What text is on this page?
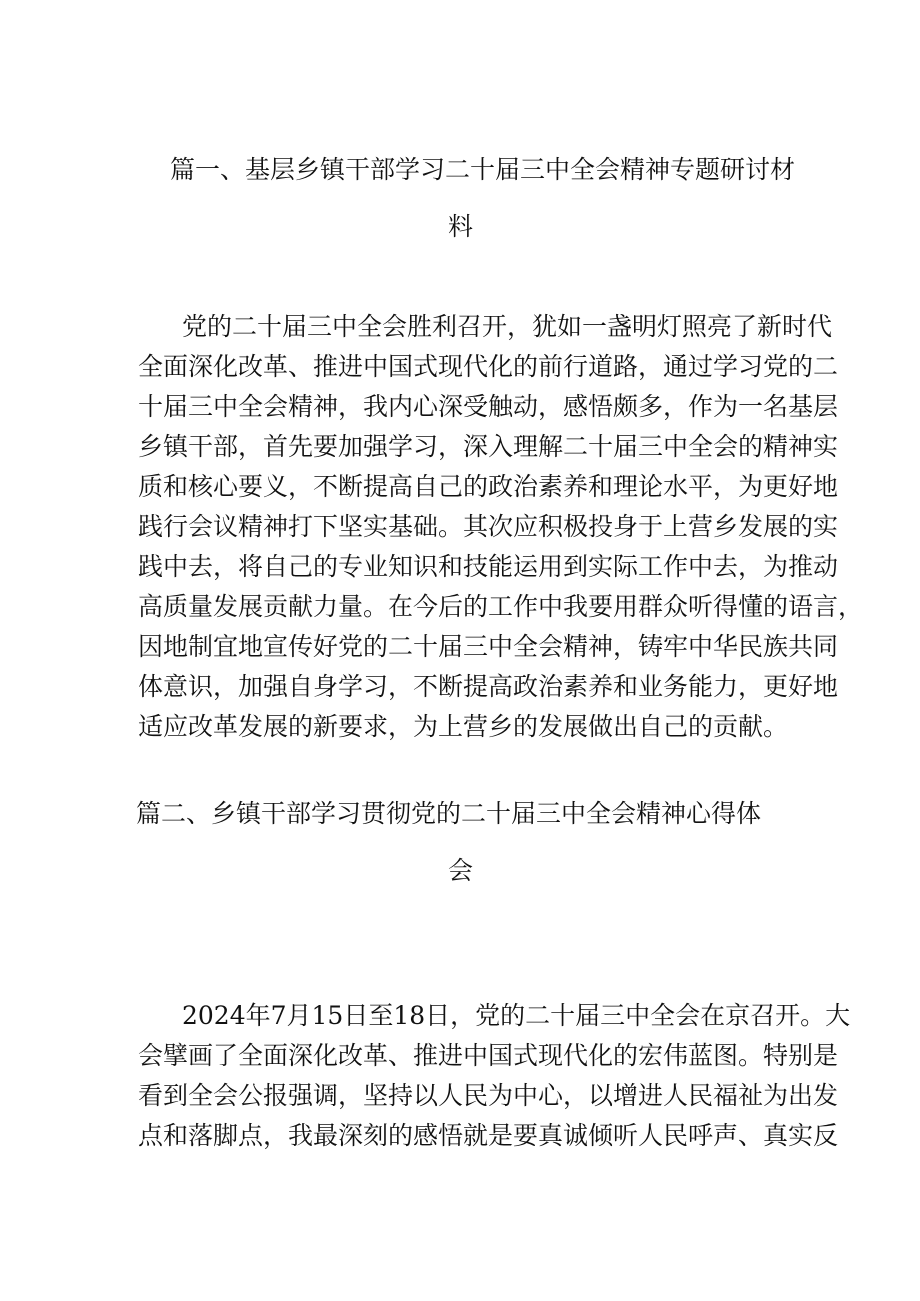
篇一、基层乡镇干部学习二十届三中全会精神专题研讨材
料

党的二十届三中全会胜利召开，犹如一盏明灯照亮了新时代

全面深化改革、推进中国式现代化的前行道路，通过学习党的二

十届三中全会精神，我内心深受触动，感悟颇多，作为一名基层

乡镇干部，首先要加强学习，深入理解二十届三中全会的精神实

质和核心要义，不断提高自己的政治素养和理论水平，为更好地

践行会议精神打下坚实基础。其次应积极投身于上营乡发展的实

践中去，将自己的专业知识和技能运用到实际工作中去，为推动

高质量发展贡献力量。在今后的工作中我要用群众听得懂的语言，

因地制宜地宣传好党的二十届三中全会精神，铸牢中华民族共同

体意识，加强自身学习，不断提高政治素养和业务能力，更好地

适应改革发展的新要求，为上营乡的发展做出自己的贡献。

篇二、乡镇干部学习贯彻党的二十届三中全会精神心得体
会

2024年7月15日至18日，党的二十届三中全会在京召开。大

会擘画了全面深化改革、推进中国式现代化的宏伟蓝图。特别是

看到全会公报强调，坚持以人民为中心，以增进人民福祉为出发

点和落脚点，我最深刻的感悟就是要真诚倾听人民呼声、真实反
